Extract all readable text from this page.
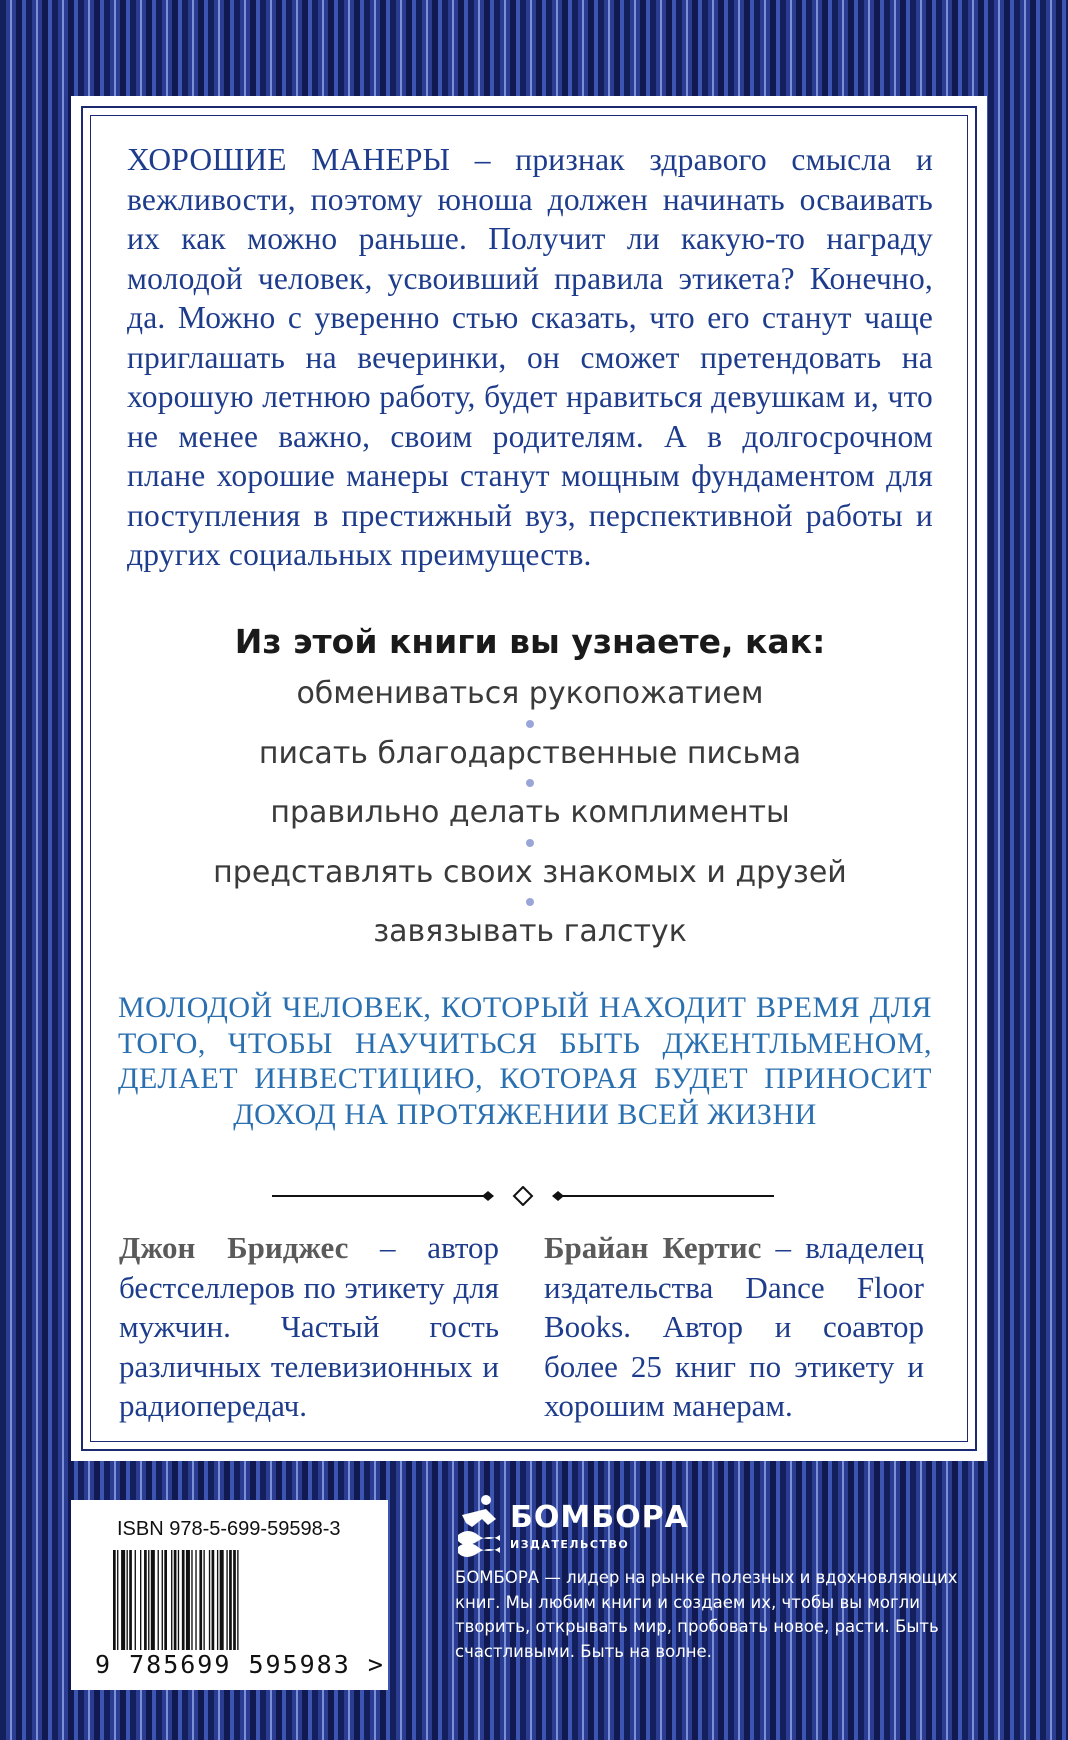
ХОРОШИЕ МАНЕРЫ – признак здравого смысла и вежливости, поэтому юноша должен начинать осваивать их как можно раньше. Получит ли какую-то награду молодой человек, усвоивший правила этикета? Конечно, да. Можно с уверенно стью сказать, что его станут чаще приглашать на вечеринки, он сможет претендовать на хорошую летнюю работу, будет нравиться девушкам и, что не менее важно, своим родителям. А в долгосрочном плане хорошие манеры станут мощным фундаментом для поступления в престижный вуз, перспективной работы и других социальных преимуществ.

Из этой книги вы узнаете, как:
обмениваться рукопожатием
писать благодарственные письма
правильно делать комплименты
представлять своих знакомых и друзей
завязывать галстук

МОЛОДОЙ ЧЕЛОВЕК, КОТОРЫЙ НАХОДИТ ВРЕМЯ ДЛЯ ТОГО, ЧТОБЫ НАУЧИТЬСЯ БЫТЬ ДЖЕНТЛЬМЕНОМ, ДЕЛАЕТ ИНВЕСТИЦИЮ, КОТОРАЯ БУДЕТ ПРИНОСИТ ДОХОД НА ПРОТЯЖЕНИИ ВСЕЙ ЖИЗНИ

Джон Бриджес – автор бестселлеров по этикету для мужчин. Частый гость различных телевизионных и радиопередач.

Брайан Кертис – владелец издательства Dance Floor Books. Автор и соавтор более 25 книг по этикету и хорошим манерам.

ISBN 978-5-699-59598-3

9 785699 595983 >

БОМБОРА

ИЗДАТЕЛЬСТВО

БОМБОРА — лидер на рынке полезных и вдохновляющих книг. Мы любим книги и создаем их, чтобы вы могли творить, открывать мир, пробовать новое, расти. Быть счастливыми. Быть на волне.
